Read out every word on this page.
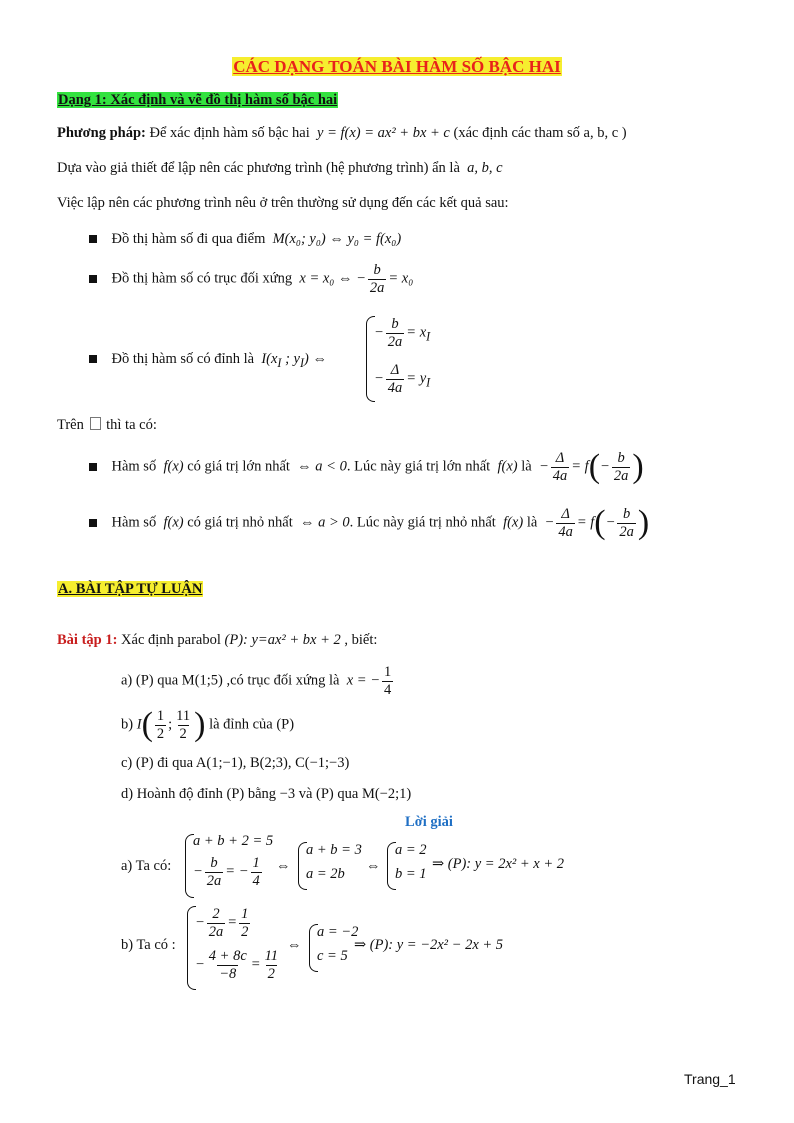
CÁC DẠNG TOÁN BÀI HÀM SỐ BẬC HAI
Dạng 1: Xác định và vẽ đồ thị hàm số bậc hai
Phương pháp: Để xác định hàm số bậc hai y = f(x) = ax² + bx + c (xác định các tham số a, b, c )
Dựa vào giả thiết để lập nên các phương trình (hệ phương trình) ẩn là a, b, c
Việc lập nên các phương trình nêu ở trên thường sử dụng đến các kết quả sau:
Đồ thị hàm số đi qua điểm M(x₀; y₀) ⇔ y₀ = f(x₀)
Đồ thị hàm số có trục đối xứng x = x₀ ⇔ − $\frac{b}{2a} = x_0$
Đồ thị hàm số có đỉnh là $I(x_I$ ; $y_I$) ⇔
− $\frac{b}{2a} = x_I$
− $\frac{\Delta}{4a} = y_I$
Trên thì ta có:
Hàm số f(x) có giá trị lớn nhất ⇔ a < 0. Lúc này giá trị lớn nhất f(x) là − $\frac{\Delta}{4a} = f(- \frac{b}{2a}$ )
Hàm số f(x) có giá trị nhỏ nhất ⇔ a > 0. Lúc này giá trị nhỏ nhất f(x) là − $\frac{\Delta}{4a} = f(- \frac{b}{2a}$ )
A. BÀI TẬP TỰ LUẬN
Bài tập 1: Xác định parabol (P): y=ax² + bx + 2 , biết:
a) (P) qua M(1;5) ,có trục đối xứng là x = − $\frac{1}{4}$
b) $I( \frac{1}{2}$ ; $\frac{11}{2}$ ) là đỉnh của (P)
c) (P) đi qua A(1;−1), B(2;3), C(−1;−3)
d) Hoành độ đỉnh (P) bằng −3 và (P) qua M(−2;1)
Lời giải
a) Ta có:
a + b + 2 = 5
− $\frac{b}{2a}$ = − $\frac{1}{4}$ ⇔
a + b = 3
a = 2b ⇔
a = 2
b = 1
⇒ (P): y = 2x² + x + 2
b) Ta có :
− $\frac{2}{2a} = \frac{1}{2}$
− $\frac{4 + 8c}{-8} = \frac{11}{2}$
⇔
a = −2
c = 5
⇒ (P): y = −2x² − 2x + 5
Trang_1
